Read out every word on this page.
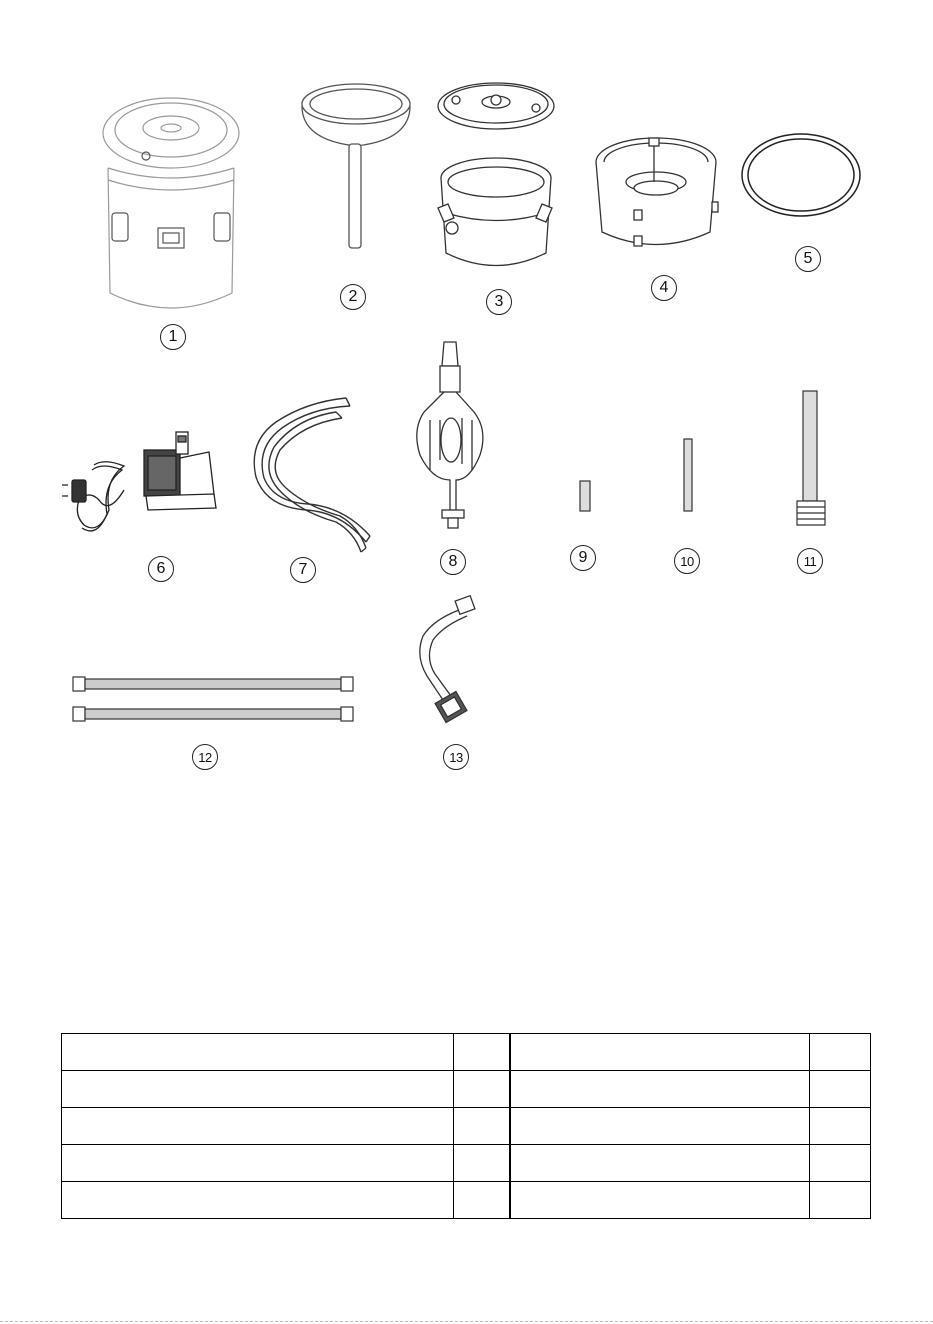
1
2	3
4
5
6	7	8	9	10	11
12	13
